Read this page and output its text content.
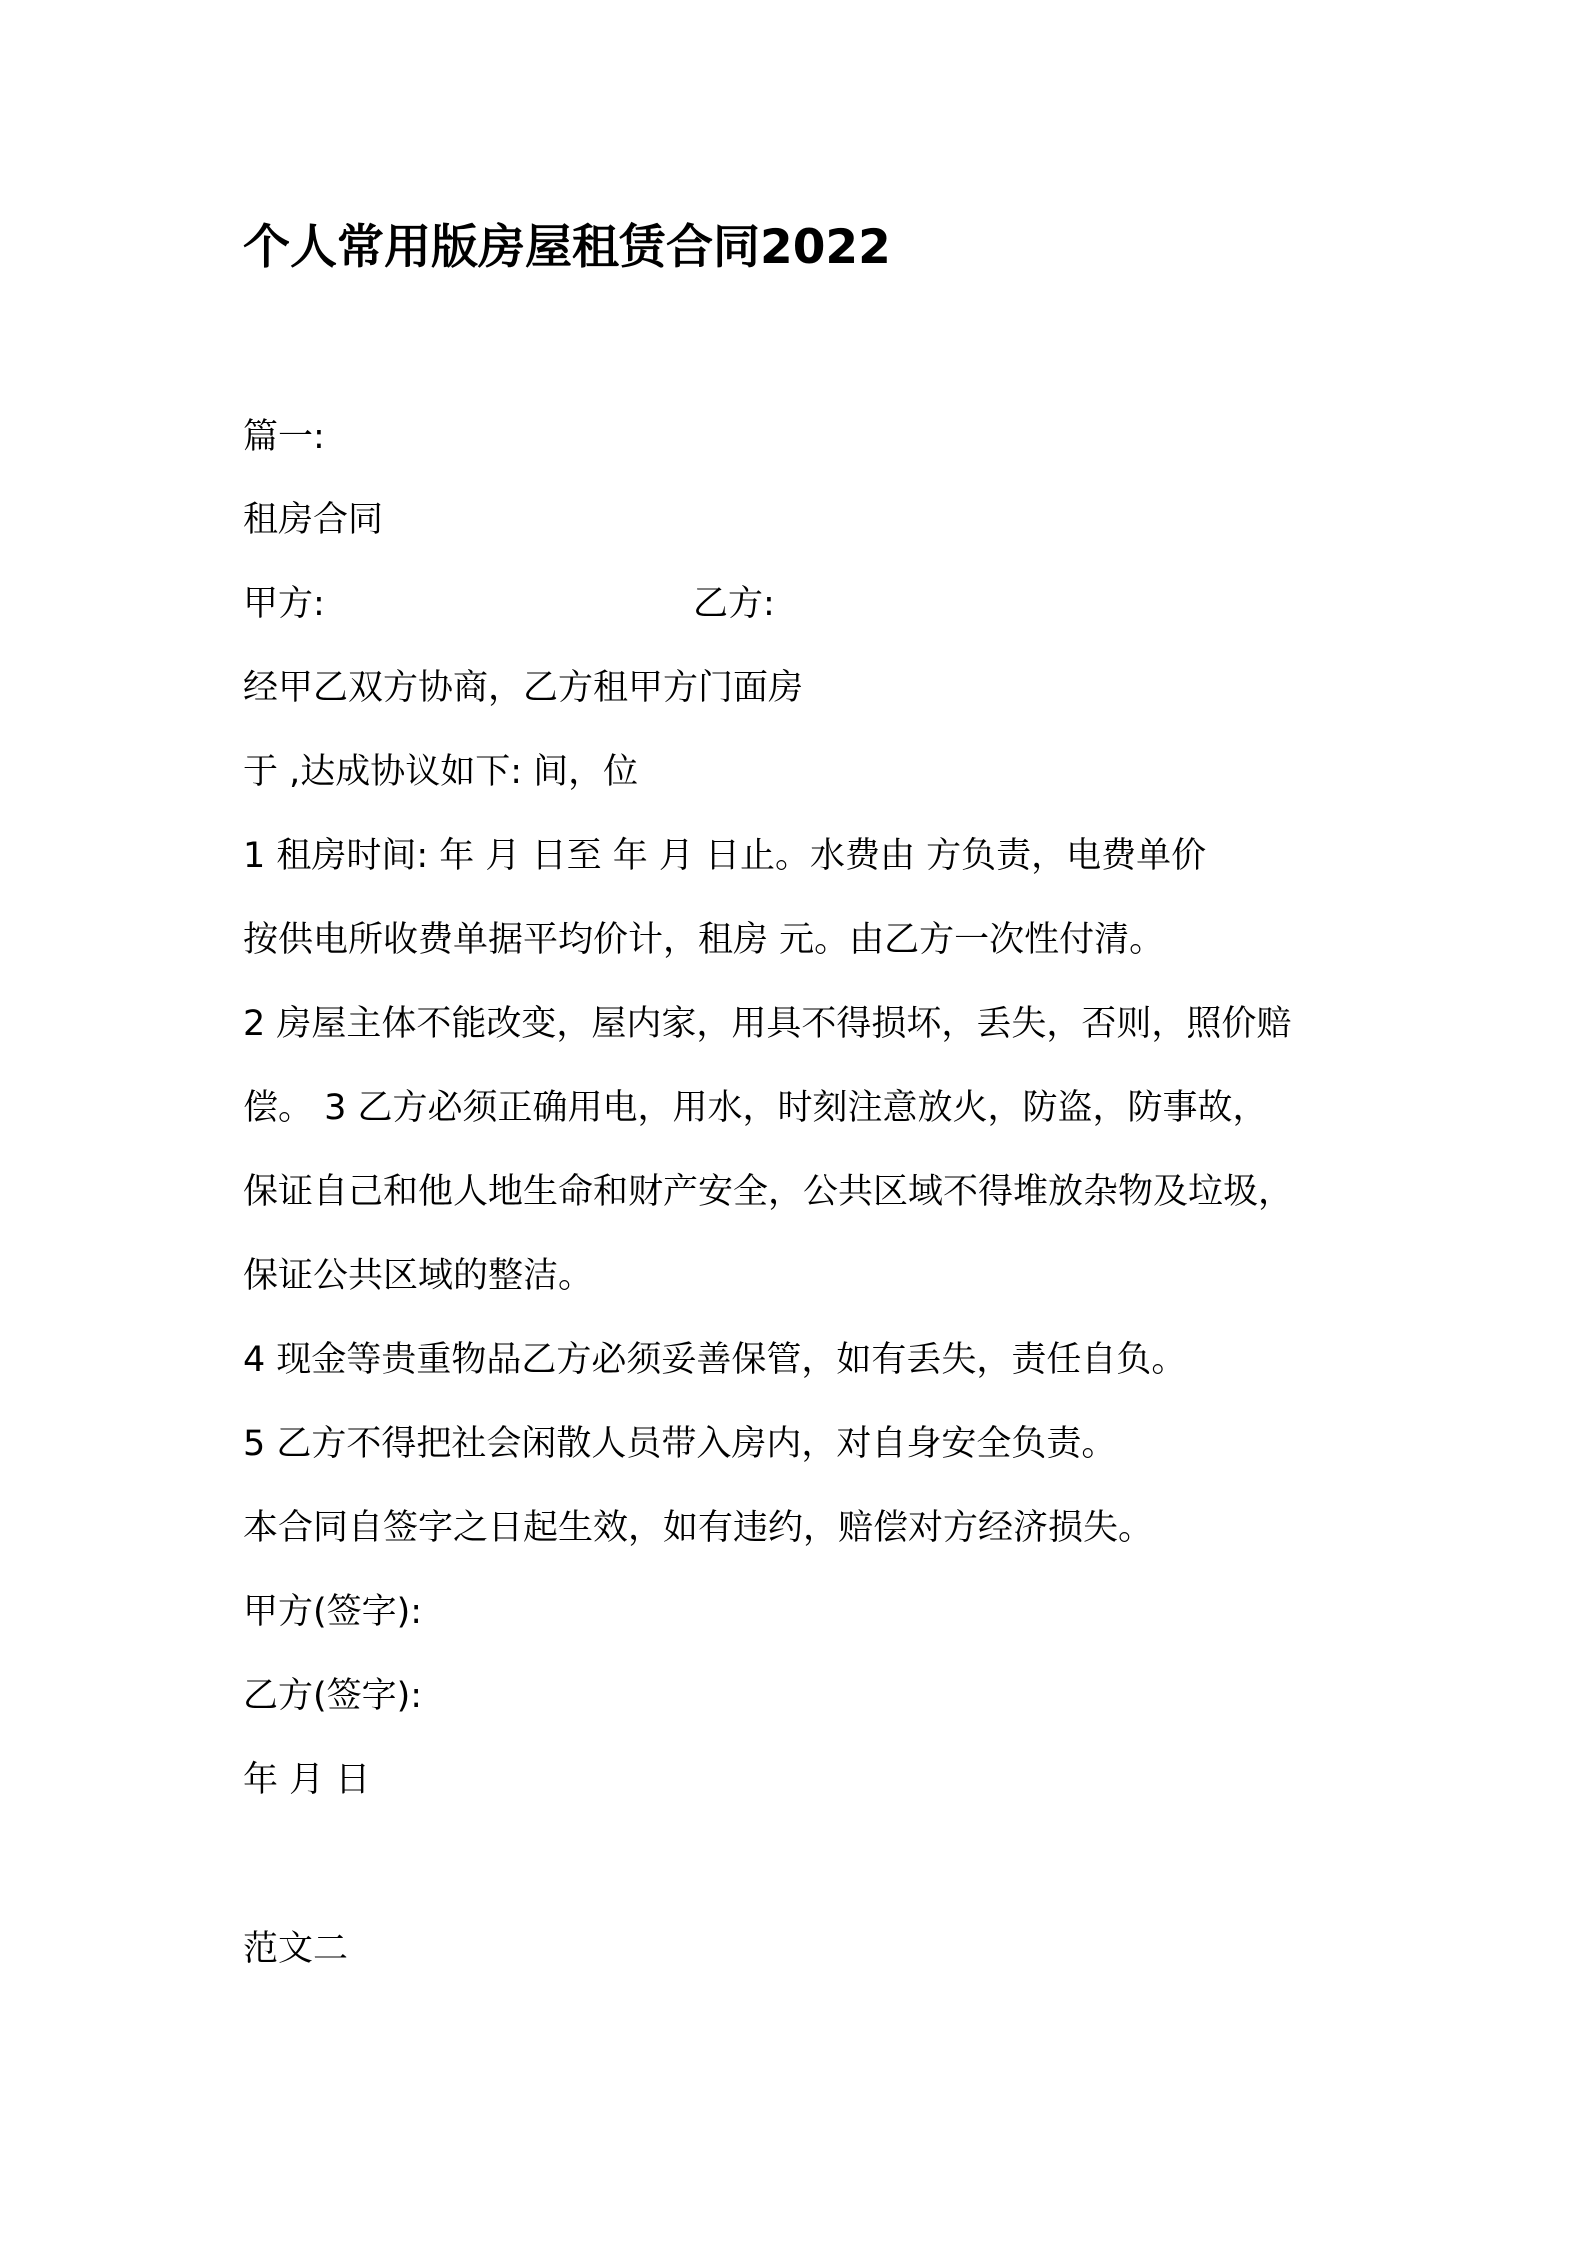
个人常用版房屋租赁合同2022
篇一:
租房合同
甲方:	乙方:
经甲乙双方协商，乙方租甲方门面房
于 ,达成协议如下: 间，位
1 租房时间: 年 月 日至 年 月 日止。水费由 方负责，电费单价
按供电所收费单据平均价计，租房 元。由乙方一次性付清。
2 房屋主体不能改变，屋内家，用具不得损坏，丢失，否则，照价赔
偿。 3 乙方必须正确用电，用水，时刻注意放火，防盗，防事故，
保证自己和他人地生命和财产安全，公共区域不得堆放杂物及垃圾，
保证公共区域的整洁。
4 现金等贵重物品乙方必须妥善保管，如有丢失，责任自负。
5 乙方不得把社会闲散人员带入房内，对自身安全负责。
本合同自签字之日起生效，如有违约，赔偿对方经济损失。
甲方(签字):
乙方(签字):
年 月 日
范文二
